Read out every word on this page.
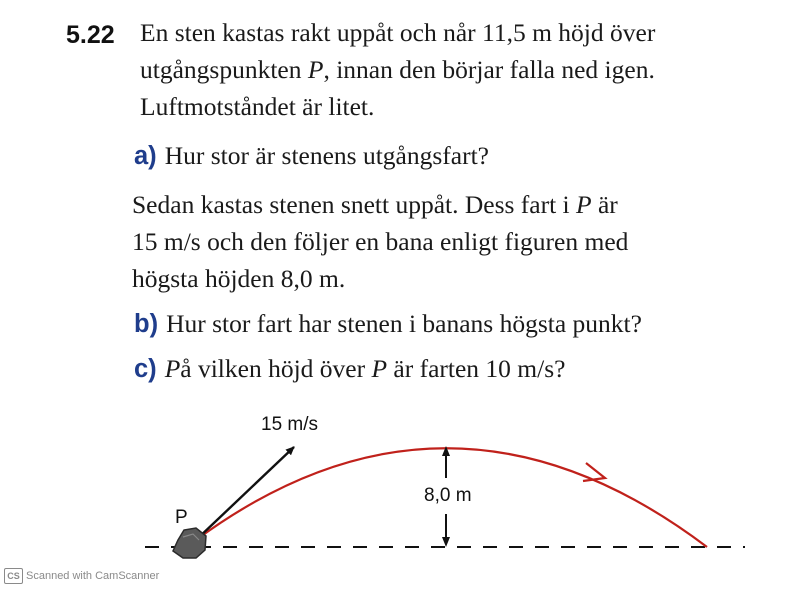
5.22 En sten kastas rakt uppåt och når 11,5 m höjd över
utgångspunkten P, innan den börjar falla ned igen.
Luftmotståndet är litet.
a) Hur stor är stenens utgångsfart?
Sedan kastas stenen snett uppåt. Dess fart i P är
15 m/s och den följer en bana enligt figuren med
högsta höjden 8,0 m.
b) Hur stor fart har stenen i banans högsta punkt?
c) På vilken höjd över P är farten 10 m/s?
15 m/s
8,0 m
P
CS Scanned with CamScanner
